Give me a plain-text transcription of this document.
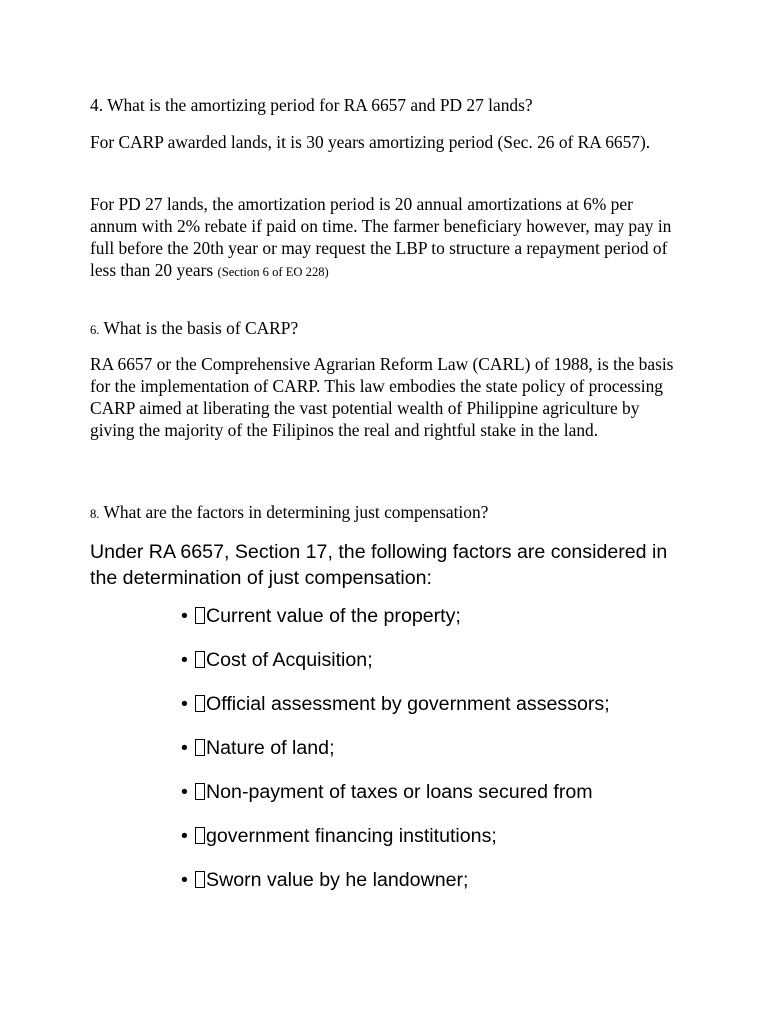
4. What is the amortizing period for RA 6657 and PD 27 lands?

For CARP awarded lands, it is 30 years amortizing period (Sec. 26 of RA 6657).

For PD 27 lands, the amortization period is 20 annual amortizations at 6% per annum with 2% rebate if paid on time. The farmer beneficiary however, may pay in full before the 20th year or may request the LBP to structure a repayment period of less than 20 years (Section 6 of EO 228)

6. What is the basis of CARP?

RA 6657 or the Comprehensive Agrarian Reform Law (CARL) of 1988, is the basis for the implementation of CARP. This law embodies the state policy of processing CARP aimed at liberating the vast potential wealth of Philippine agriculture by giving the majority of the Filipinos the real and rightful stake in the land.

8. What are the factors in determining just compensation?

Under RA 6657, Section 17, the following factors are considered in the determination of just compensation:

• Current value of the property;
• Cost of Acquisition;
• Official assessment by government assessors;
• Nature of land;
• Non-payment of taxes or loans secured from
• government financing institutions;
• Sworn value by he landowner;
